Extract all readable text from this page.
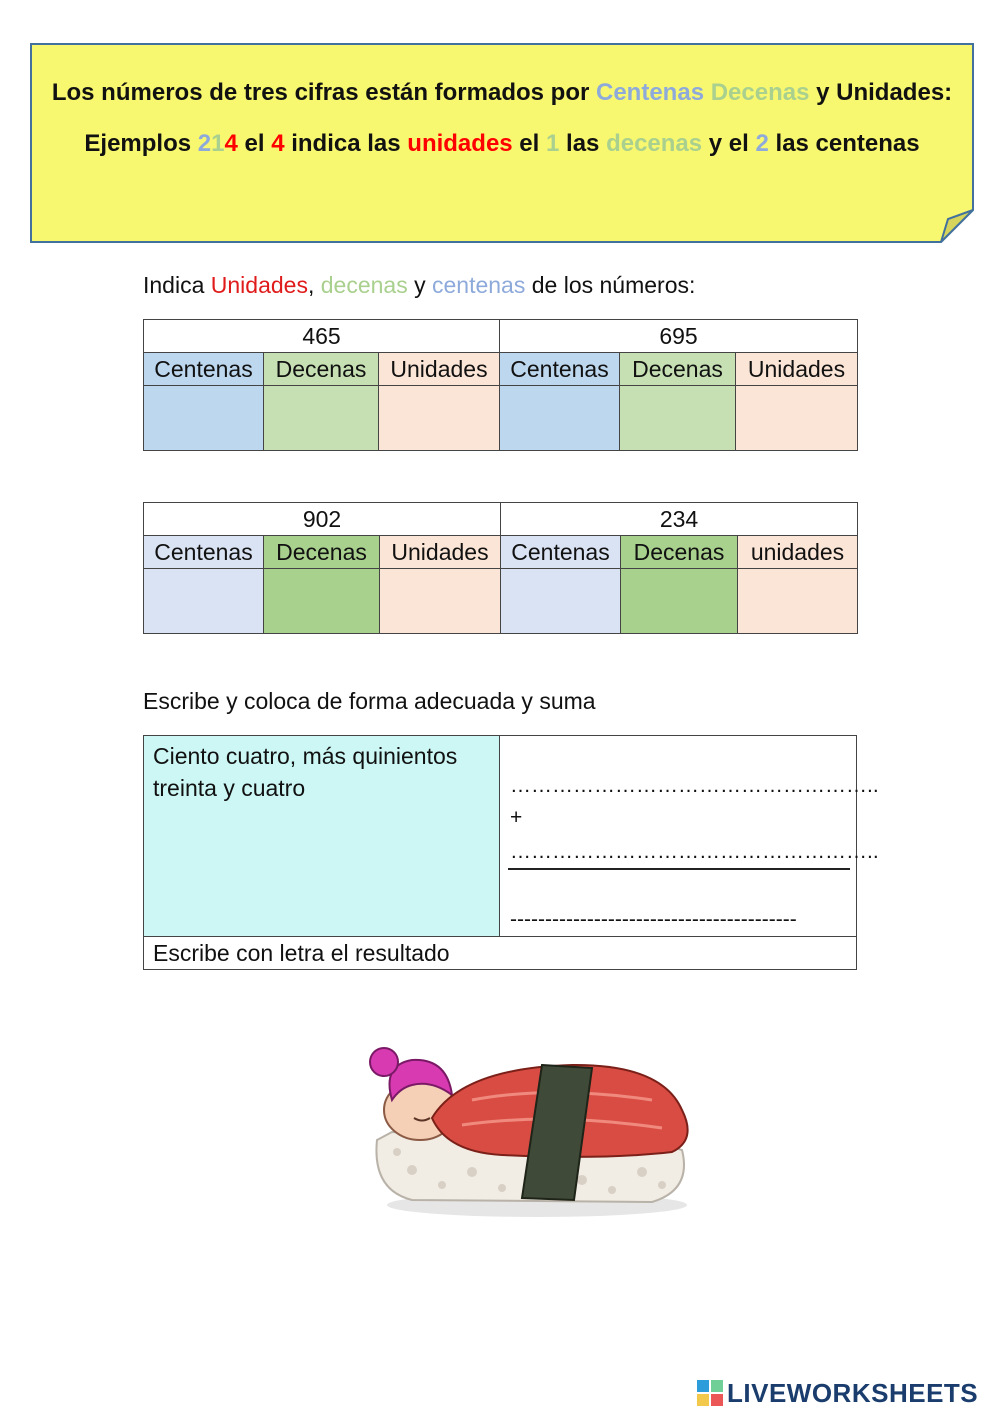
Los números de tres cifras están formados por Centenas Decenas y Unidades:
Ejemplos 214 el 4 indica las unidades el 1 las decenas y el 2 las centenas
Indica Unidades, decenas y centenas de los números:
465			695		
Centenas	Decenas	Unidades	Centenas	Decenas	Unidades

902			234		
Centenas	Decenas	Unidades	Centenas	Decenas	unidades

Escribe y coloca de forma adecuada y suma
Ciento cuatro, más quinientos treinta y cuatro	……………………………………………..
+
……………………………………………..
-----------------------------------------
Escribe con letra el resultado
LIVEWORKSHEETS
